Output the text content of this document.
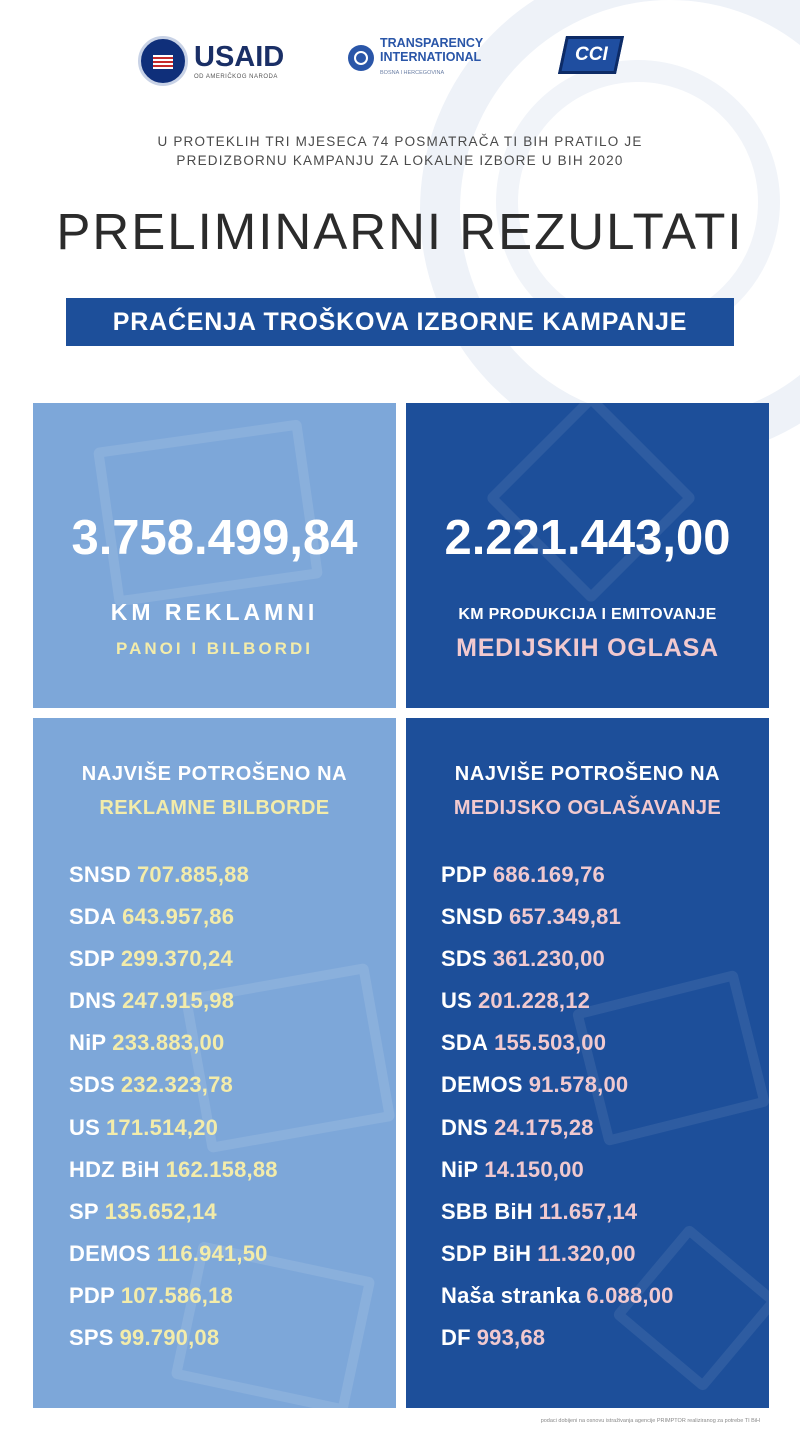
USAID
OD AMERIČKOG NARODA
TRANSPARENCY
INTERNATIONAL
BOSNA I HERCEGOVINA
CCI
U PROTEKLIH TRI MJESECA 74 POSMATRAČA TI BIH PRATILO JE
PREDIZBORNU KAMPANJU ZA LOKALNE IZBORE U BIH 2020
PRELIMINARNI REZULTATI
PRAĆENJA TROŠKOVA IZBORNE KAMPANJE
3.758.499,84
KM REKLAMNI
PANOI I BILBORDI
2.221.443,00
KM PRODUKCIJA I EMITOVANJE
MEDIJSKIH OGLASA
NAJVIŠE POTROŠENO NA
REKLAMNE BILBORDE
SNSD 707.885,88
SDA 643.957,86
SDP 299.370,24
DNS 247.915,98
NiP 233.883,00
SDS 232.323,78
US 171.514,20
HDZ BiH 162.158,88
SP 135.652,14
DEMOS 116.941,50
PDP 107.586,18
SPS 99.790,08
NAJVIŠE POTROŠENO NA
MEDIJSKO OGLAŠAVANJE
PDP 686.169,76
SNSD 657.349,81
SDS 361.230,00
US 201.228,12
SDA 155.503,00
DEMOS 91.578,00
DNS 24.175,28
NiP 14.150,00
SBB BiH 11.657,14
SDP BiH 11.320,00
Naša stranka 6.088,00
DF 993,68
podaci dobijeni na osnovu istraživanja agencije PRIMPTOR realiziranog za potrebe TI BiH
